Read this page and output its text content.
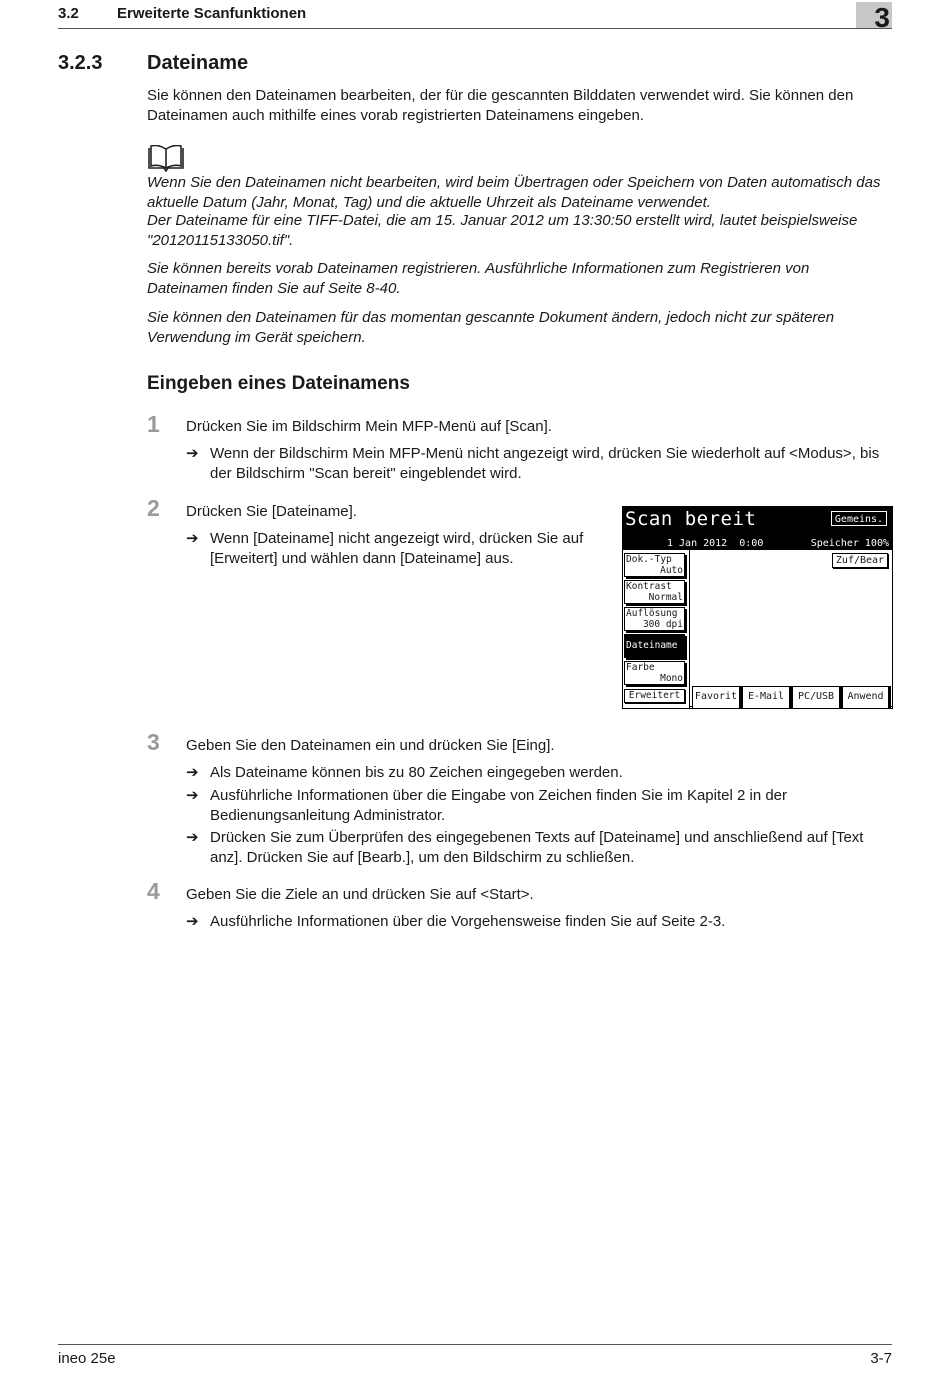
3.2	Erweiterte Scanfunktionen	3
3.2.3 Dateiname
Sie können den Dateinamen bearbeiten, der für die gescannten Bilddaten verwendet wird. Sie können den Dateinamen auch mithilfe eines vorab registrierten Dateinamens eingeben.
Wenn Sie den Dateinamen nicht bearbeiten, wird beim Übertragen oder Speichern von Daten automatisch das aktuelle Datum (Jahr, Monat, Tag) und die aktuelle Uhrzeit als Dateiname verwendet.
Der Dateiname für eine TIFF-Datei, die am 15. Januar 2012 um 13:30:50 erstellt wird, lautet beispielsweise "20120115133050.tif".
Sie können bereits vorab Dateinamen registrieren. Ausführliche Informationen zum Registrieren von Dateinamen finden Sie auf Seite 8-40.
Sie können den Dateinamen für das momentan gescannte Dokument ändern, jedoch nicht zur späteren Verwendung im Gerät speichern.
Eingeben eines Dateinamens
1 Drücken Sie im Bildschirm Mein MFP-Menü auf [Scan].
➔ Wenn der Bildschirm Mein MFP-Menü nicht angezeigt wird, drücken Sie wiederholt auf <Modus>, bis der Bildschirm "Scan bereit" eingeblendet wird.
2 Drücken Sie [Dateiname].
➔ Wenn [Dateiname] nicht angezeigt wird, drücken Sie auf [Erweitert] und wählen dann [Dateiname] aus.
Scan bereit	Gemeins.
1 Jan 2012 0:00	Speicher 100%
Dok.-Typ
Auto
Kontrast
Normal
Auflösung
300 dpi
Dateiname
Farbe
Mono
Erweitert
Zuf/Bear
Favorit	E-Mail	PC/USB	Anwend
3 Geben Sie den Dateinamen ein und drücken Sie [Eing].
➔ Als Dateiname können bis zu 80 Zeichen eingegeben werden.
➔ Ausführliche Informationen über die Eingabe von Zeichen finden Sie im Kapitel 2 in der Bedienungsanleitung Administrator.
➔ Drücken Sie zum Überprüfen des eingegebenen Texts auf [Dateiname] und anschließend auf [Text anz]. Drücken Sie auf [Bearb.], um den Bildschirm zu schließen.
4 Geben Sie die Ziele an und drücken Sie auf <Start>.
➔ Ausführliche Informationen über die Vorgehensweise finden Sie auf Seite 2-3.
ineo 25e	3-7
